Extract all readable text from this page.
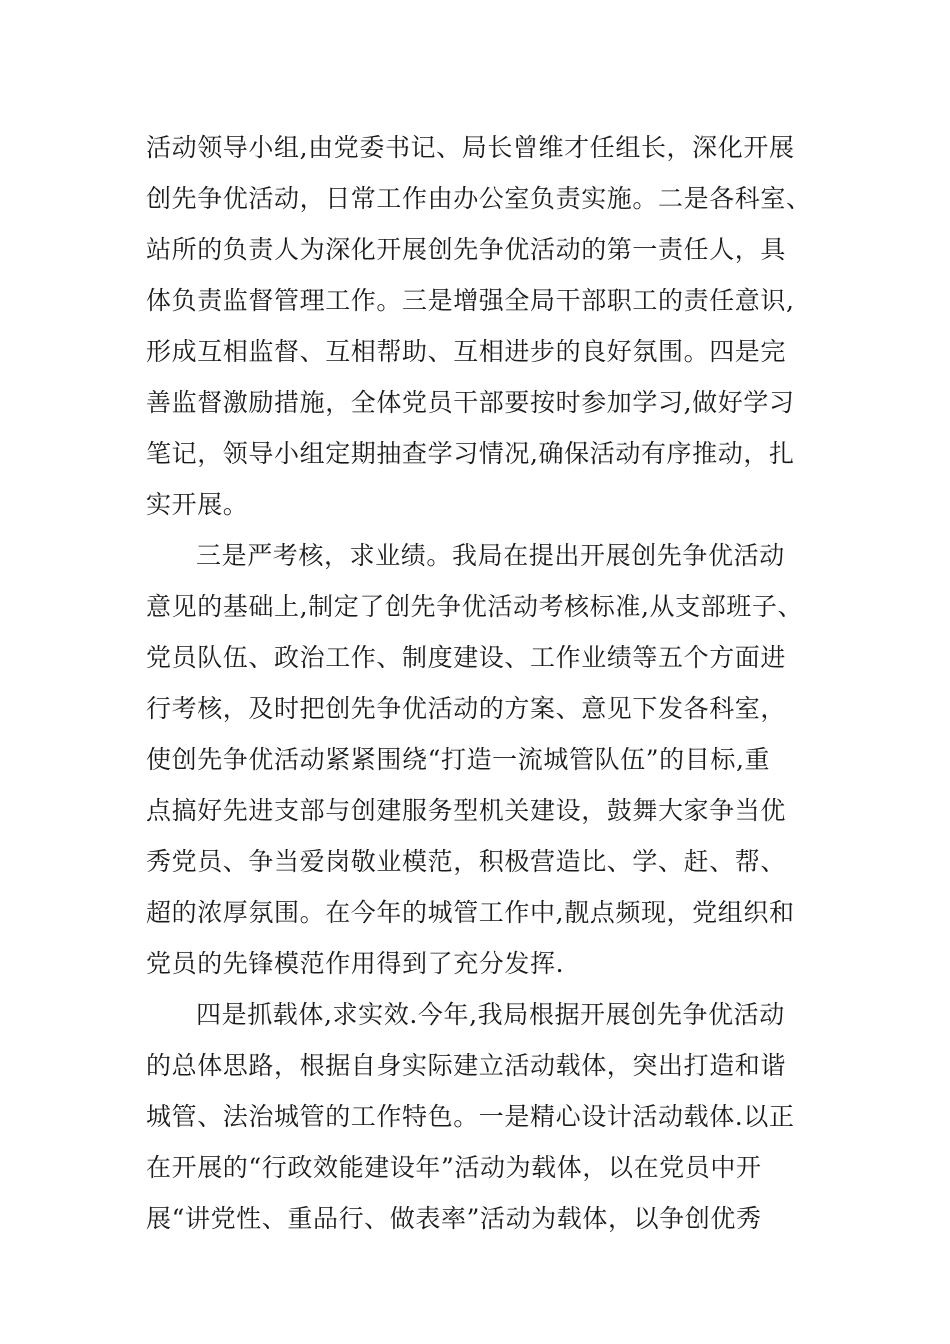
活动领导小组,由党委书记、局长曾维才任组长，深化开展
创先争优活动，日常工作由办公室负责实施。二是各科室、
站所的负责人为深化开展创先争优活动的第一责任人，具
体负责监督管理工作。三是增强全局干部职工的责任意识,
形成互相监督、互相帮助、互相进步的良好氛围。四是完
善监督激励措施，全体党员干部要按时参加学习,做好学习
笔记，领导小组定期抽查学习情况,确保活动有序推动，扎
实开展。
三是严考核，求业绩。我局在提出开展创先争优活动
意见的基础上,制定了创先争优活动考核标准,从支部班子、
党员队伍、政治工作、制度建设、工作业绩等五个方面进
行考核，及时把创先争优活动的方案、意见下发各科室，
使创先争优活动紧紧围绕“打造一流城管队伍”的目标,重
点搞好先进支部与创建服务型机关建设，鼓舞大家争当优
秀党员、争当爱岗敬业模范，积极营造比、学、赶、帮、
超的浓厚氛围。在今年的城管工作中,靓点频现，党组织和
党员的先锋模范作用得到了充分发挥.
四是抓载体,求实效.今年,我局根据开展创先争优活动
的总体思路，根据自身实际建立活动载体，突出打造和谐
城管、法治城管的工作特色。一是精心设计活动载体.以正
在开展的“行政效能建设年”活动为载体，以在党员中开
展“讲党性、重品行、做表率”活动为载体，以争创优秀
